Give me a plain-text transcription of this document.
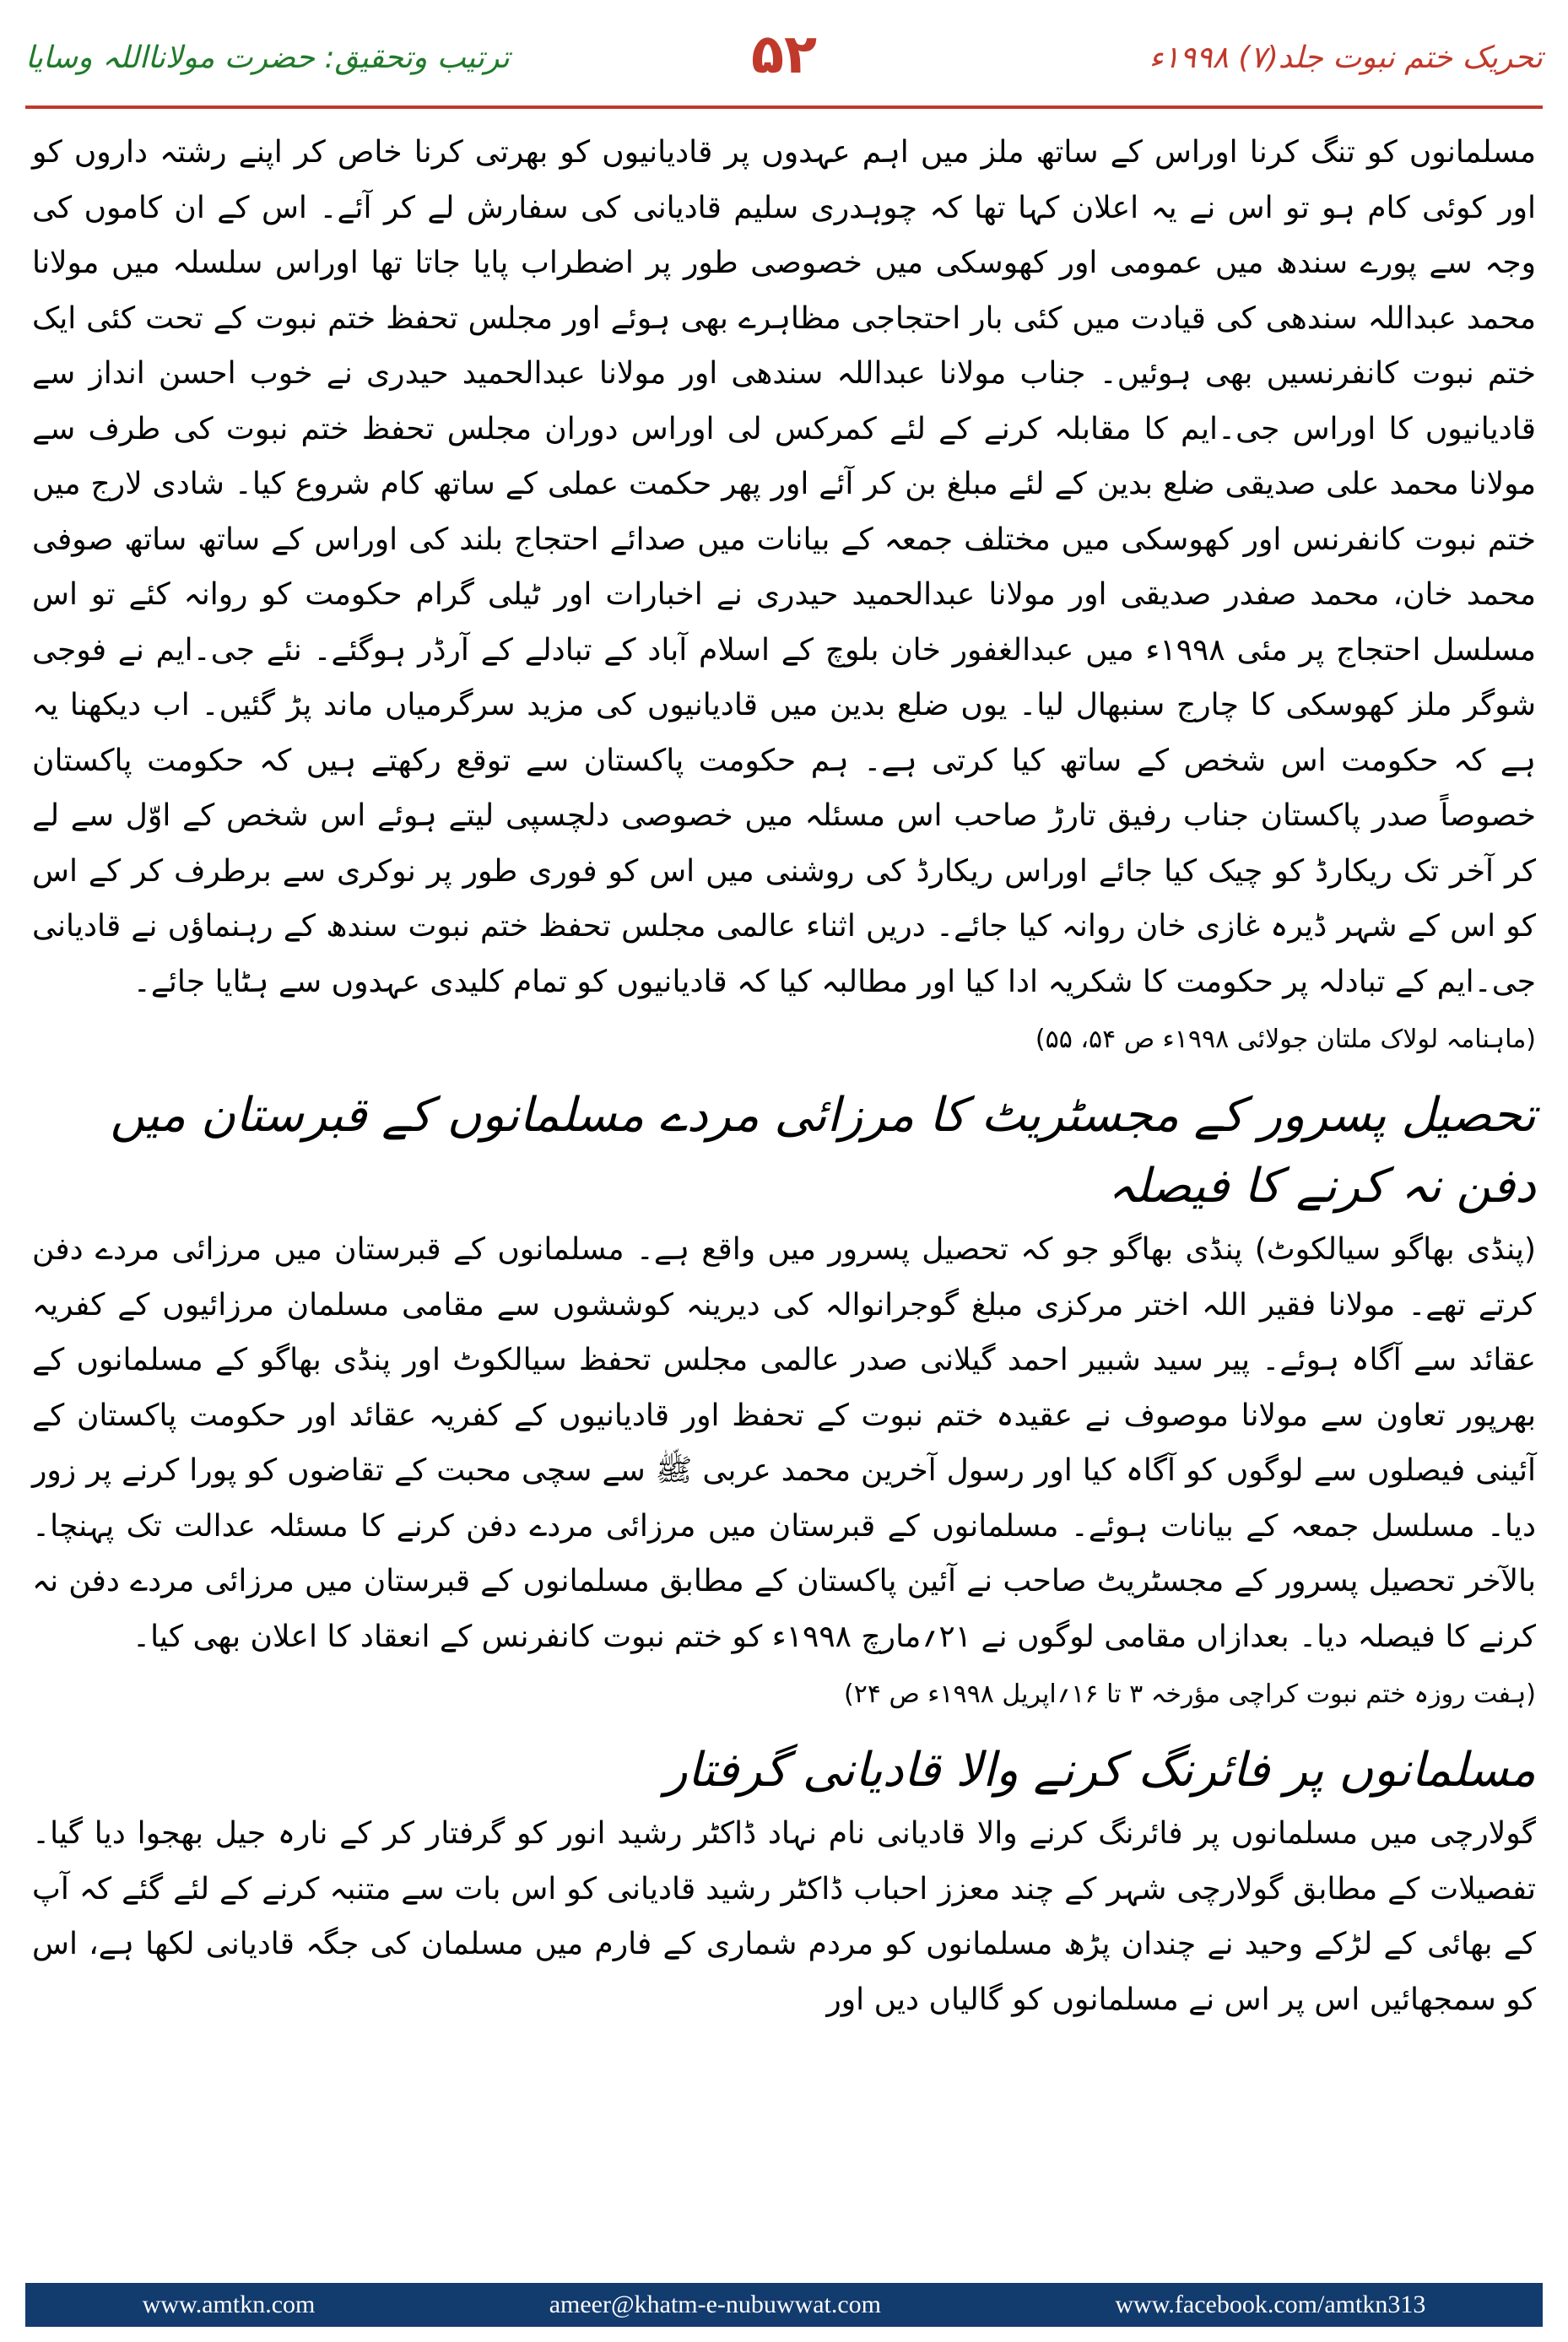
تحریک ختم نبوت جلد(۷) ۱۹۹۸ء
۵۲
ترتیب وتحقیق: حضرت مولانااللہ وسایا

مسلمانوں کو تنگ کرنا اوراس کے ساتھ ملز میں اہم عہدوں پر قادیانیوں کو بھرتی کرنا خاص کر اپنے رشتہ داروں کو اور کوئی کام ہو تو اس نے یہ اعلان کہا تھا کہ چوہدری سلیم قادیانی کی سفارش لے کر آئے۔ اس کے ان کاموں کی وجہ سے پورے سندھ میں عمومی اور کھوسکی میں خصوصی طور پر اضطراب پایا جاتا تھا اوراس سلسلہ میں مولانا محمد عبداللہ سندھی کی قیادت میں کئی بار احتجاجی مظاہرے بھی ہوئے اور مجلس تحفظ ختم نبوت کے تحت کئی ایک ختم نبوت کانفرنسیں بھی ہوئیں۔ جناب مولانا عبداللہ سندھی اور مولانا عبدالحمید حیدری نے خوب احسن انداز سے قادیانیوں کا اوراس جی۔ایم کا مقابلہ کرنے کے لئے کمرکس لی اوراس دوران مجلس تحفظ ختم نبوت کی طرف سے مولانا محمد علی صدیقی ضلع بدین کے لئے مبلغ بن کر آئے اور پھر حکمت عملی کے ساتھ کام شروع کیا۔ شادی لارج میں ختم نبوت کانفرنس اور کھوسکی میں مختلف جمعہ کے بیانات میں صدائے احتجاج بلند کی اوراس کے ساتھ ساتھ صوفی محمد خان، محمد صفدر صدیقی اور مولانا عبدالحمید حیدری نے اخبارات اور ٹیلی گرام حکومت کو روانہ کئے تو اس مسلسل احتجاج پر مئی ۱۹۹۸ء میں عبدالغفور خان بلوچ کے اسلام آباد کے تبادلے کے آرڈر ہوگئے۔ نئے جی۔ایم نے فوجی شوگر ملز کھوسکی کا چارج سنبھال لیا۔ یوں ضلع بدین میں قادیانیوں کی مزید سرگرمیاں ماند پڑ گئیں۔ اب دیکھنا یہ ہے کہ حکومت اس شخص کے ساتھ کیا کرتی ہے۔ ہم حکومت پاکستان سے توقع رکھتے ہیں کہ حکومت پاکستان خصوصاً صدر پاکستان جناب رفیق تارڑ صاحب اس مسئلہ میں خصوصی دلچسپی لیتے ہوئے اس شخص کے اوّل سے لے کر آخر تک ریکارڈ کو چیک کیا جائے اوراس ریکارڈ کی روشنی میں اس کو فوری طور پر نوکری سے برطرف کر کے اس کو اس کے شہر ڈیرہ غازی خان روانہ کیا جائے۔ دریں اثناء عالمی مجلس تحفظ ختم نبوت سندھ کے رہنماؤں نے قادیانی جی۔ایم کے تبادلہ پر حکومت کا شکریہ ادا کیا اور مطالبہ کیا کہ قادیانیوں کو تمام کلیدی عہدوں سے ہٹایا جائے۔

(ماہنامہ لولاک ملتان جولائی ۱۹۹۸ء ص ۵۴، ۵۵)
تحصیل پسرور کے مجسٹریٹ کا مرزائی مردے مسلمانوں کے قبرستان میں دفن نہ کرنے کا فیصلہ

(پنڈی بھاگو سیالکوٹ) پنڈی بھاگو جو کہ تحصیل پسرور میں واقع ہے۔ مسلمانوں کے قبرستان میں مرزائی مردے دفن کرتے تھے۔ مولانا فقیر اللہ اختر مرکزی مبلغ گوجرانوالہ کی دیرینہ کوششوں سے مقامی مسلمان مرزائیوں کے کفریہ عقائد سے آگاہ ہوئے۔ پیر سید شبیر احمد گیلانی صدر عالمی مجلس تحفظ سیالکوٹ اور پنڈی بھاگو کے مسلمانوں کے بھرپور تعاون سے مولانا موصوف نے عقیدہ ختم نبوت کے تحفظ اور قادیانیوں کے کفریہ عقائد اور حکومت پاکستان کے آئینی فیصلوں سے لوگوں کو آگاہ کیا اور رسول آخرین محمد عربی ﷺ سے سچی محبت کے تقاضوں کو پورا کرنے پر زور دیا۔ مسلسل جمعہ کے بیانات ہوئے۔ مسلمانوں کے قبرستان میں مرزائی مردے دفن کرنے کا مسئلہ عدالت تک پہنچا۔ بالآخر تحصیل پسرور کے مجسٹریٹ صاحب نے آئین پاکستان کے مطابق مسلمانوں کے قبرستان میں مرزائی مردے دفن نہ کرنے کا فیصلہ دیا۔ بعدازاں مقامی لوگوں نے ۲۱؍مارچ ۱۹۹۸ء کو ختم نبوت کانفرنس کے انعقاد کا اعلان بھی کیا۔

(ہفت روزہ ختم نبوت کراچی مؤرخہ ۳ تا ۱۶؍اپریل ۱۹۹۸ء ص ۲۴)
مسلمانوں پر فائرنگ کرنے والا قادیانی گرفتار

گولارچی میں مسلمانوں پر فائرنگ کرنے والا قادیانی نام نہاد ڈاکٹر رشید انور کو گرفتار کر کے نارہ جیل بھجوا دیا گیا۔ تفصیلات کے مطابق گولارچی شہر کے چند معزز احباب ڈاکٹر رشید قادیانی کو اس بات سے متنبہ کرنے کے لئے گئے کہ آپ کے بھائی کے لڑکے وحید نے چندان پڑھ مسلمانوں کو مردم شماری کے فارم میں مسلمان کی جگہ قادیانی لکھا ہے، اس کو سمجھائیں اس پر اس نے مسلمانوں کو گالیاں دیں اور

www.amtkn.com	ameer@khatm-e-nubuwwat.com	www.facebook.com/amtkn313
